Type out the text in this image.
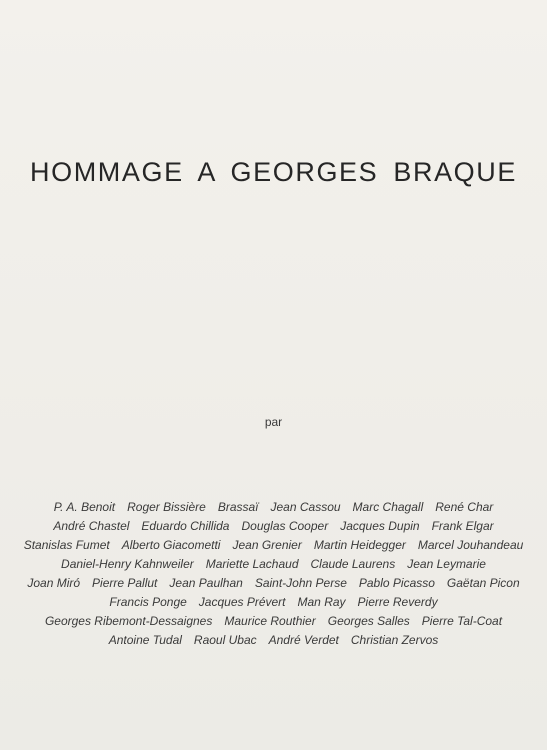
HOMMAGE A GEORGES BRAQUE
par
P. A. Benoit Roger Bissière Brassaï Jean Cassou Marc Chagall René Char
André Chastel Eduardo Chillida Douglas Cooper Jacques Dupin Frank Elgar
Stanislas Fumet Alberto Giacometti Jean Grenier Martin Heidegger Marcel Jouhandeau
Daniel-Henry Kahnweiler Mariette Lachaud Claude Laurens Jean Leymarie
Joan Miró Pierre Pallut Jean Paulhan Saint-John Perse Pablo Picasso Gaëtan Picon
Francis Ponge Jacques Prévert Man Ray Pierre Reverdy
Georges Ribemont-Dessaignes Maurice Routhier Georges Salles Pierre Tal-Coat
Antoine Tudal Raoul Ubac André Verdet Christian Zervos
